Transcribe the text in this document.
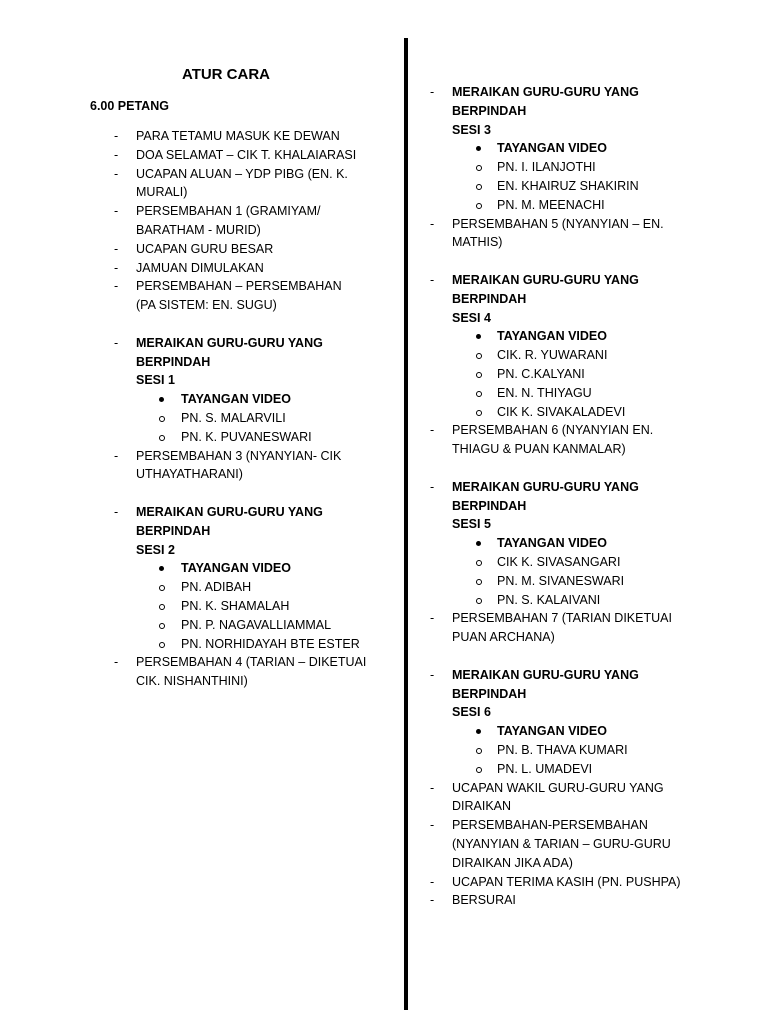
ATUR CARA
6.00 PETANG
- PARA TETAMU MASUK KE DEWAN
- DOA SELAMAT – CIK T. KHALAIARASI
- UCAPAN ALUAN – YDP PIBG (EN. K.
MURALI)
- PERSEMBAHAN 1 (GRAMIYAM/
BARATHAM - MURID)
- UCAPAN GURU BESAR
- JAMUAN DIMULAKAN
- PERSEMBAHAN – PERSEMBAHAN
(PA SISTEM: EN. SUGU)
- MERAIKAN GURU-GURU YANG
BERPINDAH
SESI 1
TAYANGAN VIDEO
PN. S. MALARVILI
PN. K. PUVANESWARI
- PERSEMBAHAN 3 (NYANYIAN- CIK
UTHAYATHARANI)
- MERAIKAN GURU-GURU YANG
BERPINDAH
SESI 2
TAYANGAN VIDEO
PN. ADIBAH
PN. K. SHAMALAH
PN. P. NAGAVALLIAMMAL
PN. NORHIDAYAH BTE ESTER
- PERSEMBAHAN 4 (TARIAN – DIKETUAI
CIK. NISHANTHINI)
- MERAIKAN GURU-GURU YANG
BERPINDAH
SESI 3
TAYANGAN VIDEO
PN. I. ILANJOTHI
EN. KHAIRUZ SHAKIRIN
PN. M. MEENACHI
- PERSEMBAHAN 5 (NYANYIAN – EN.
MATHIS)
- MERAIKAN GURU-GURU YANG
BERPINDAH
SESI 4
TAYANGAN VIDEO
CIK. R. YUWARANI
PN. C.KALYANI
EN. N. THIYAGU
CIK K. SIVAKALADEVI
- PERSEMBAHAN 6 (NYANYIAN EN.
THIAGU & PUAN KANMALAR)
- MERAIKAN GURU-GURU YANG
BERPINDAH
SESI 5
TAYANGAN VIDEO
CIK K. SIVASANGARI
PN. M. SIVANESWARI
PN. S. KALAIVANI
- PERSEMBAHAN 7 (TARIAN DIKETUAI
PUAN ARCHANA)
- MERAIKAN GURU-GURU YANG
BERPINDAH
SESI 6
TAYANGAN VIDEO
PN. B. THAVA KUMARI
PN. L. UMADEVI
- UCAPAN WAKIL GURU-GURU YANG
DIRAIKAN
- PERSEMBAHAN-PERSEMBAHAN
(NYANYIAN & TARIAN – GURU-GURU
DIRAIKAN JIKA ADA)
- UCAPAN TERIMA KASIH (PN. PUSHPA)
- BERSURAI
